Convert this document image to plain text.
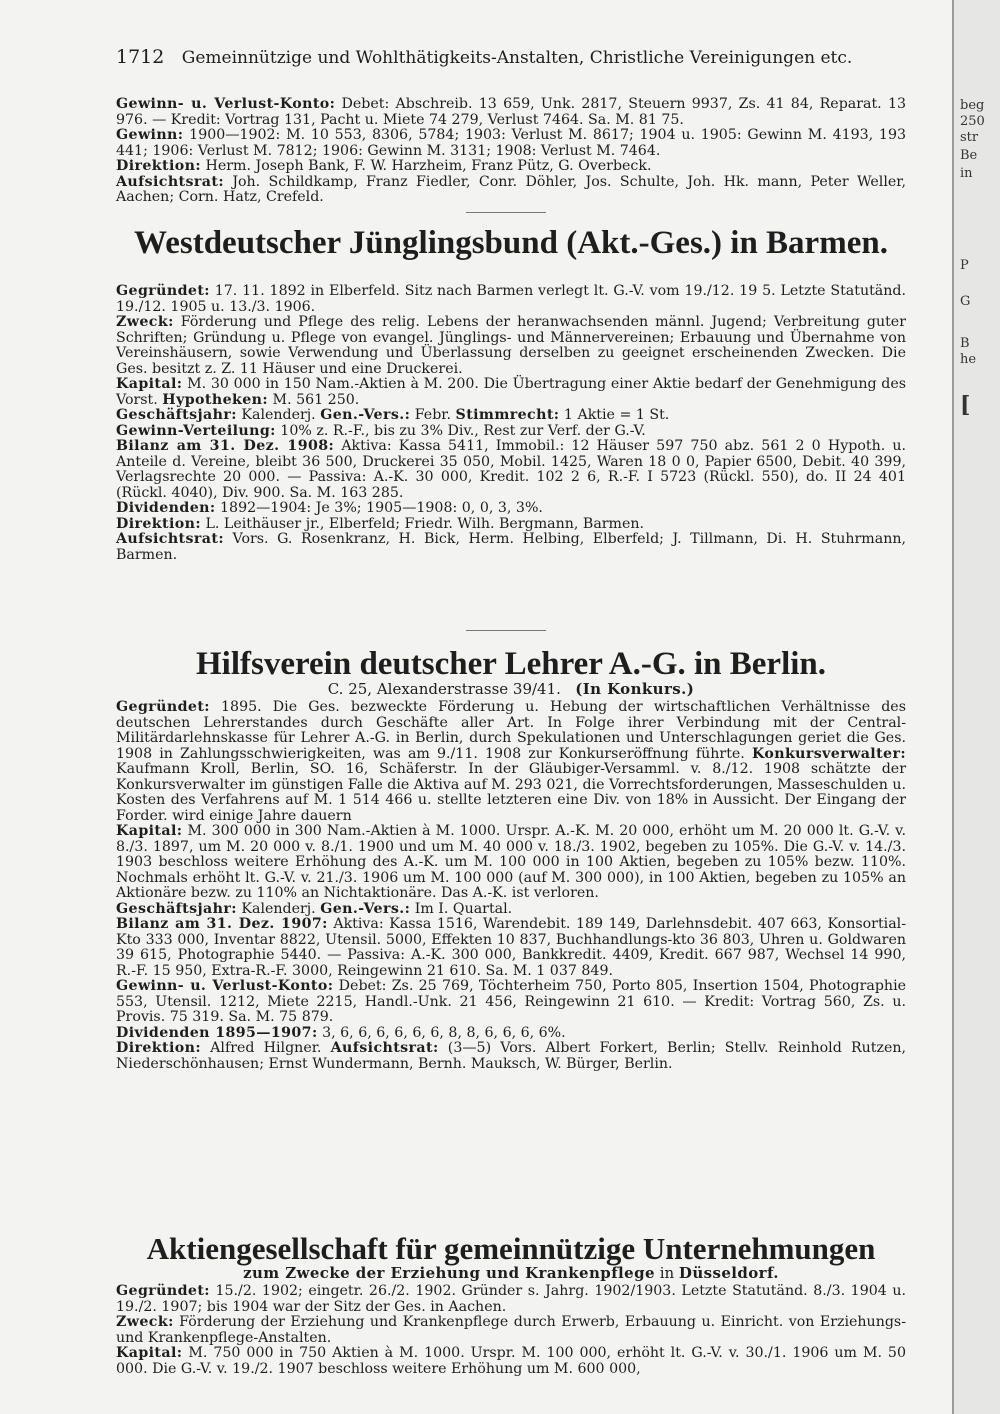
1712 Gemeinnützige und Wohlthätigkeits-Anstalten, Christliche Vereinigungen etc.

Gewinn- u. Verlust-Konto: Debet: Abschreib. 13 659, Unk. 2817, Steuern 9937, Zs. 41 84, Reparat. 13 976. — Kredit: Vortrag 131, Pacht u. Miete 74 279, Verlust 7464. Sa. M. 81 75.

Gewinn: 1900—1902: M. 10 553, 8306, 5784; 1903: Verlust M. 8617; 1904 u. 1905: Gewinn M. 4193, 193 441; 1906: Verlust M. 7812; 1906: Gewinn M. 3131; 1908: Verlust M. 7464.

Direktion: Herm. Joseph Bank, F. W. Harzheim, Franz Pütz, G. Overbeck.

Aufsichtsrat: Joh. Schildkamp, Franz Fiedler, Conr. Döhler, Jos. Schulte, Joh. Hk. mann, Peter Weller, Aachen; Corn. Hatz, Crefeld.

Westdeutscher Jünglingsbund (Akt.-Ges.) in Barmen.

Gegründet: 17. 11. 1892 in Elberfeld. Sitz nach Barmen verlegt lt. G.-V. vom 19./12. 19 5. Letzte Statutänd. 19./12. 1905 u. 13./3. 1906.

Zweck: Förderung und Pflege des relig. Lebens der heranwachsenden männl. Jugend; Verbreitung guter Schriften; Gründung u. Pflege von evangel. Jünglings- und Männervereinen; Erbauung und Übernahme von Vereinshäusern, sowie Verwendung und Überlassung derselben zu geeignet erscheinenden Zwecken. Die Ges. besitzt z. Z. 11 Häuser und eine Druckerei.

Kapital: M. 30 000 in 150 Nam.-Aktien à M. 200. Die Übertragung einer Aktie bedarf der Genehmigung des Vorst. Hypotheken: M. 561 250.

Geschäftsjahr: Kalenderj. Gen.-Vers.: Febr. Stimmrecht: 1 Aktie = 1 St.

Gewinn-Verteilung: 10% z. R.-F., bis zu 3% Div., Rest zur Verf. der G.-V.

Bilanz am 31. Dez. 1908: Aktiva: Kassa 5411, Immobil.: 12 Häuser 597 750 abz. 561 2 0 Hypoth. u. Anteile d. Vereine, bleibt 36 500, Druckerei 35 050, Mobil. 1425, Waren 18 0 0, Papier 6500, Debit. 40 399, Verlagsrechte 20 000. — Passiva: A.-K. 30 000, Kredit. 102 2 6, R.-F. I 5723 (Rückl. 550), do. II 24 401 (Rückl. 4040), Div. 900. Sa. M. 163 285.

Dividenden: 1892—1904: Je 3%; 1905—1908: 0, 0, 3, 3%.

Direktion: L. Leithäuser jr., Elberfeld; Friedr. Wilh. Bergmann, Barmen.

Aufsichtsrat: Vors. G. Rosenkranz, H. Bick, Herm. Helbing, Elberfeld; J. Tillmann, Di. H. Stuhrmann, Barmen.

Hilfsverein deutscher Lehrer A.-G. in Berlin.
C. 25, Alexanderstrasse 39/41. (In Konkurs.)

Gegründet: 1895. Die Ges. bezweckte Förderung u. Hebung der wirtschaftlichen Verhältnisse des deutschen Lehrerstandes durch Geschäfte aller Art. In Folge ihrer Verbindung mit der Central-Militärdarlehnskasse für Lehrer A.-G. in Berlin, durch Spekulationen und Unterschlagungen geriet die Ges. 1908 in Zahlungsschwierigkeiten, was am 9./11. 1908 zur Konkurseröffnung führte. Konkursverwalter: Kaufmann Kroll, Berlin, SO. 16, Schäferstr. In der Gläubiger-Versamml. v. 8./12. 1908 schätzte der Konkursverwalter im günstigen Falle die Aktiva auf M. 293 021, die Vorrechtsforderungen, Masseschulden u. Kosten des Verfahrens auf M. 1 514 466 u. stellte letzteren eine Div. von 18% in Aussicht. Der Eingang der Forder. wird einige Jahre dauern

Kapital: M. 300 000 in 300 Nam.-Aktien à M. 1000. Urspr. A.-K. M. 20 000, erhöht um M. 20 000 lt. G.-V. v. 8./3. 1897, um M. 20 000 v. 8./1. 1900 und um M. 40 000 v. 18./3. 1902, begeben zu 105%. Die G.-V. v. 14./3. 1903 beschloss weitere Erhöhung des A.-K. um M. 100 000 in 100 Aktien, begeben zu 105% bezw. 110%. Nochmals erhöht lt. G.-V. v. 21./3. 1906 um M. 100 000 (auf M. 300 000), in 100 Aktien, begeben zu 105% an Aktionäre bezw. zu 110% an Nichtaktionäre. Das A.-K. ist verloren.

Geschäftsjahr: Kalenderj. Gen.-Vers.: Im I. Quartal.

Bilanz am 31. Dez. 1907: Aktiva: Kassa 1516, Warendebit. 189 149, Darlehnsdebit. 407 663, Konsortial-Kto 333 000, Inventar 8822, Utensil. 5000, Effekten 10 837, Buchhandlungs-kto 36 803, Uhren u. Goldwaren 39 615, Photographie 5440. — Passiva: A.-K. 300 000, Bankkredit. 4409, Kredit. 667 987, Wechsel 14 990, R.-F. 15 950, Extra-R.-F. 3000, Reingewinn 21 610. Sa. M. 1 037 849.

Gewinn- u. Verlust-Konto: Debet: Zs. 25 769, Töchterheim 750, Porto 805, Insertion 1504, Photographie 553, Utensil. 1212, Miete 2215, Handl.-Unk. 21 456, Reingewinn 21 610. — Kredit: Vortrag 560, Zs. u. Provis. 75 319. Sa. M. 75 879.

Dividenden 1895—1907: 3, 6, 6, 6, 6, 6, 6, 8, 8, 6, 6, 6, 6%.

Direktion: Alfred Hilgner. Aufsichtsrat: (3—5) Vors. Albert Forkert, Berlin; Stellv. Reinhold Rutzen, Niederschönhausen; Ernst Wundermann, Bernh. Mauksch, W. Bürger, Berlin.

Aktiengesellschaft für gemeinnützige Unternehmungen
zum Zwecke der Erziehung und Krankenpflege in Düsseldorf.

Gegründet: 15./2. 1902; eingetr. 26./2. 1902. Gründer s. Jahrg. 1902/1903. Letzte Statutänd. 8./3. 1904 u. 19./2. 1907; bis 1904 war der Sitz der Ges. in Aachen.

Zweck: Förderung der Erziehung und Krankenpflege durch Erwerb, Erbauung u. Einricht. von Erziehungs- und Krankenpflege-Anstalten.

Kapital: M. 750 000 in 750 Aktien à M. 1000. Urspr. M. 100 000, erhöht lt. G.-V. v. 30./1. 1906 um M. 50 000. Die G.-V. v. 19./2. 1907 beschloss weitere Erhöhung um M. 600 000,

beg
250
str
Be
in
P
G
B
he
[
